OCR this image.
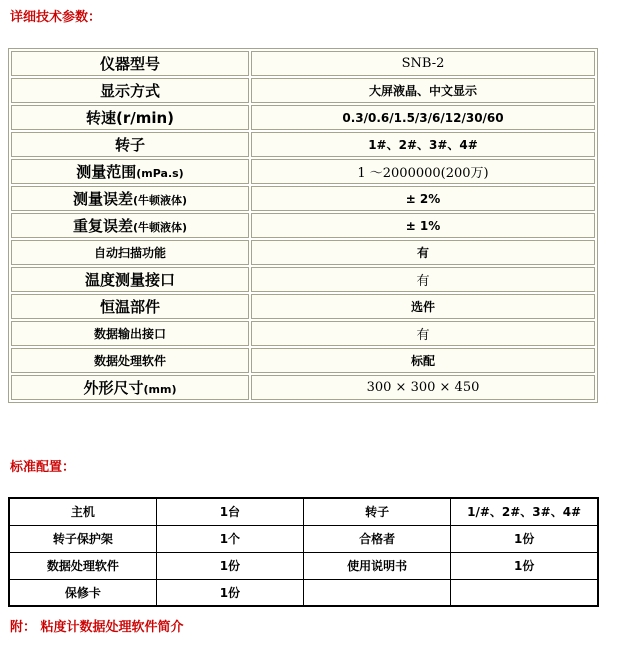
详细技术参数：
仪器型号	SNB-2
显示方式	大屏液晶、中文显示
转速(r/min)	0.3/0.6/1.5/3/6/12/30/60
转子	1#、2#、3#、4#
测量范围(mPa.s)	1 ～2000000(200万)
测量误差(牛顿液体)	± 2%
重复误差(牛顿液体)	± 1%
自动扫描功能	有
温度测量接口	有
恒温部件	选件
数据输出接口	有
数据处理软件	标配
外形尺寸(mm)	300 × 300 × 450
标准配置：
主机	1台	转子	1/#、2#、3#、4#
转子保护架	1个	合格者	1份
数据处理软件	1份	使用说明书	1份
保修卡	1份		
附： 粘度计数据处理软件简介
